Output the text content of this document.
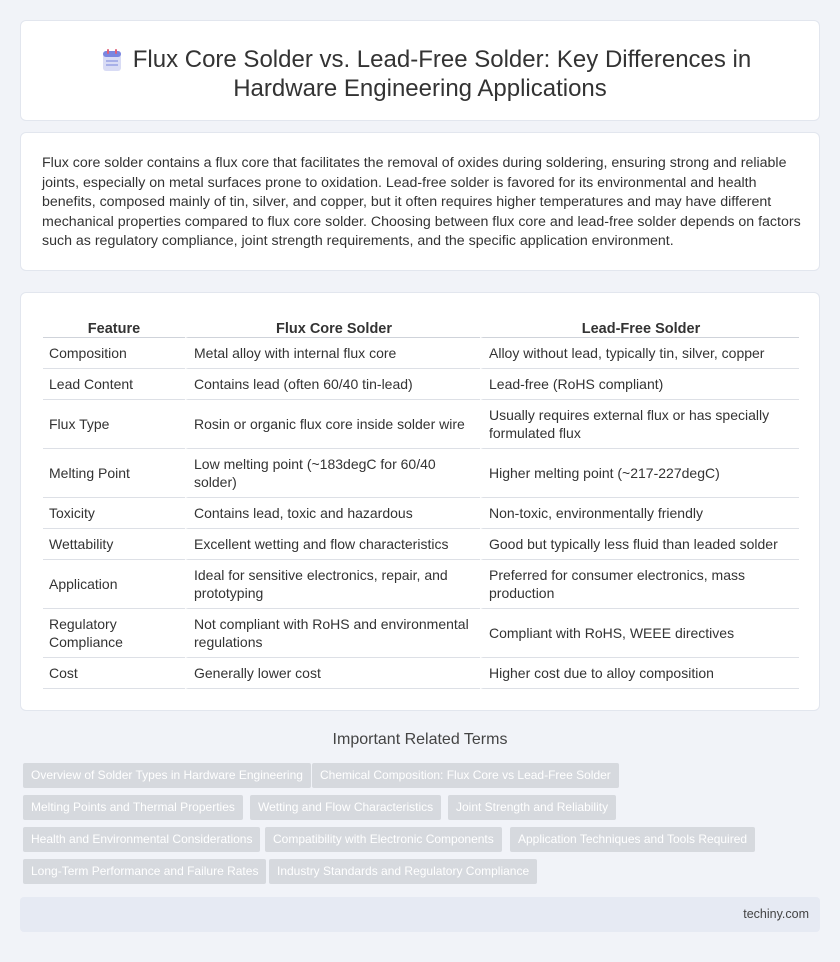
Flux Core Solder vs. Lead-Free Solder: Key Differences in
Hardware Engineering Applications

Flux core solder contains a flux core that facilitates the removal of oxides during soldering, ensuring strong and reliable joints, especially on metal surfaces prone to oxidation. Lead-free solder is favored for its environmental and health benefits, composed mainly of tin, silver, and copper, but it often requires higher temperatures and may have different mechanical properties compared to flux core solder. Choosing between flux core and lead-free solder depends on factors such as regulatory compliance, joint strength requirements, and the specific application environment.

Feature	Flux Core Solder	Lead-Free Solder
Composition	Metal alloy with internal flux core	Alloy without lead, typically tin, silver, copper
Lead Content	Contains lead (often 60/40 tin-lead)	Lead-free (RoHS compliant)
Flux Type	Rosin or organic flux core inside solder wire	Usually requires external flux or has specially formulated flux
Melting Point	Low melting point (~183degC for 60/40 solder)	Higher melting point (~217-227degC)
Toxicity	Contains lead, toxic and hazardous	Non-toxic, environmentally friendly
Wettability	Excellent wetting and flow characteristics	Good but typically less fluid than leaded solder
Application	Ideal for sensitive electronics, repair, and prototyping	Preferred for consumer electronics, mass production
Regulatory Compliance	Not compliant with RoHS and environmental regulations	Compliant with RoHS, WEEE directives
Cost	Generally lower cost	Higher cost due to alloy composition
Important Related Terms
Overview of Solder Types in Hardware Engineering	Chemical Composition: Flux Core vs Lead-Free Solder
Melting Points and Thermal Properties	Wetting and Flow Characteristics	Joint Strength and Reliability
Health and Environmental Considerations	Compatibility with Electronic Components	Application Techniques and Tools Required
Long-Term Performance and Failure Rates	Industry Standards and Regulatory Compliance
techiny.com
